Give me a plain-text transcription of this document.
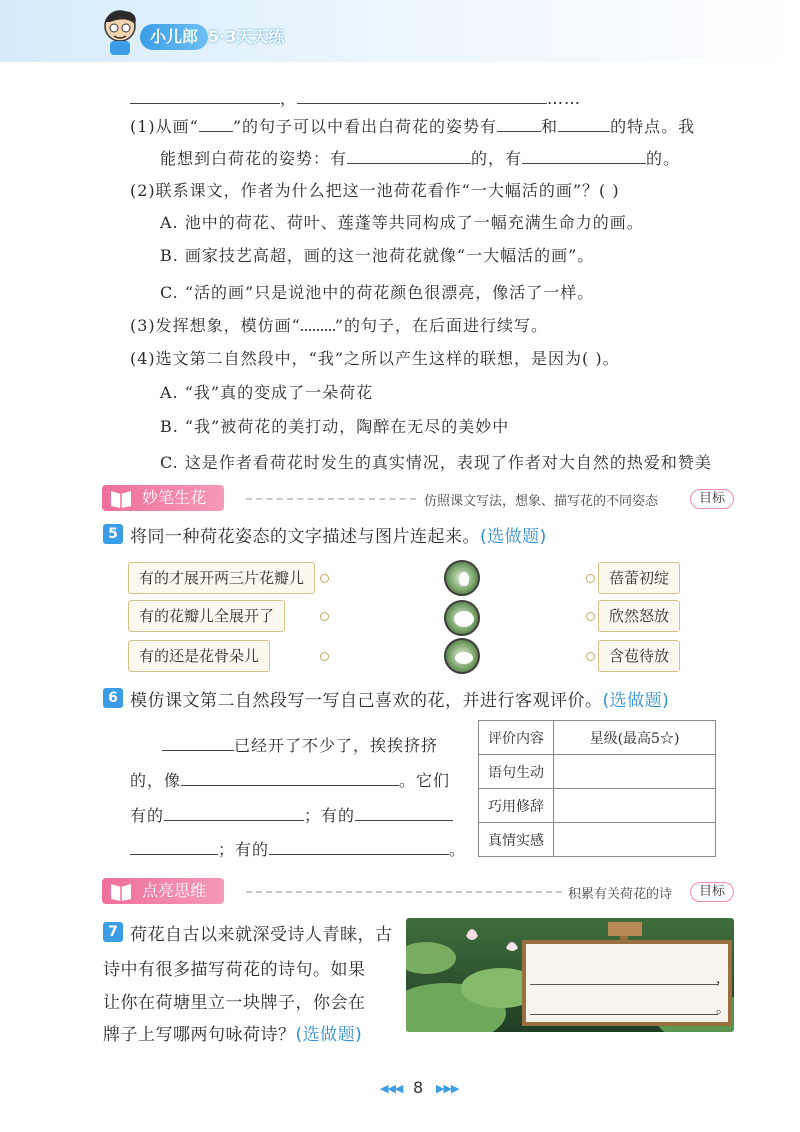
小儿郎 5·3天天练
，	……
(1)从画“ ”的句子可以中看出白荷花的姿势有	和	的特点。我
能想到白荷花的姿势：有	的，有	的。
(2)联系课文，作者为什么把这一池荷花看作“一大幅活的画”？( )
A. 池中的荷花、荷叶、莲蓬等共同构成了一幅充满生命力的画。
B. 画家技艺高超，画的这一池荷花就像“一大幅活的画”。
C. “活的画”只是说池中的荷花颜色很漂亮，像活了一样。
(3)发挥想象，模仿画“ ”的句子，在后面进行续写。
(4)选文第二自然段中，“我”之所以产生这样的联想，是因为( )。
A. “我”真的变成了一朵荷花
B. “我”被荷花的美打动，陶醉在无尽的美妙中
C. 这是作者看荷花时发生的真实情况，表现了作者对大自然的热爱和赞美
妙笔生花	仿照课文写法，想象、描写花的不同姿态	目标
5 将同一种荷花姿态的文字描述与图片连起来。(选做题)
有的才展开两三片花瓣儿
有的花瓣儿全展开了
有的还是花骨朵儿
蓓蕾初绽
欣然怒放
含苞待放
6 模仿课文第二自然段写一写自己喜欢的花，并进行客观评价。(选做题)
已经开了不少了，挨挨挤挤
的，像	。它们
有的	；有的
；有的	。
评价内容	星级(最高5☆)
语句生动	
巧用修辞	
真情实感	
点亮思维	积累有关荷花的诗	目标
7 荷花自古以来就深受诗人青睐，古
诗中有很多描写荷花的诗句。如果
让你在荷塘里立一块牌子，你会在
牌子上写哪两句咏荷诗？(选做题)
，
。
◀◀◀ 8 ▶▶▶
